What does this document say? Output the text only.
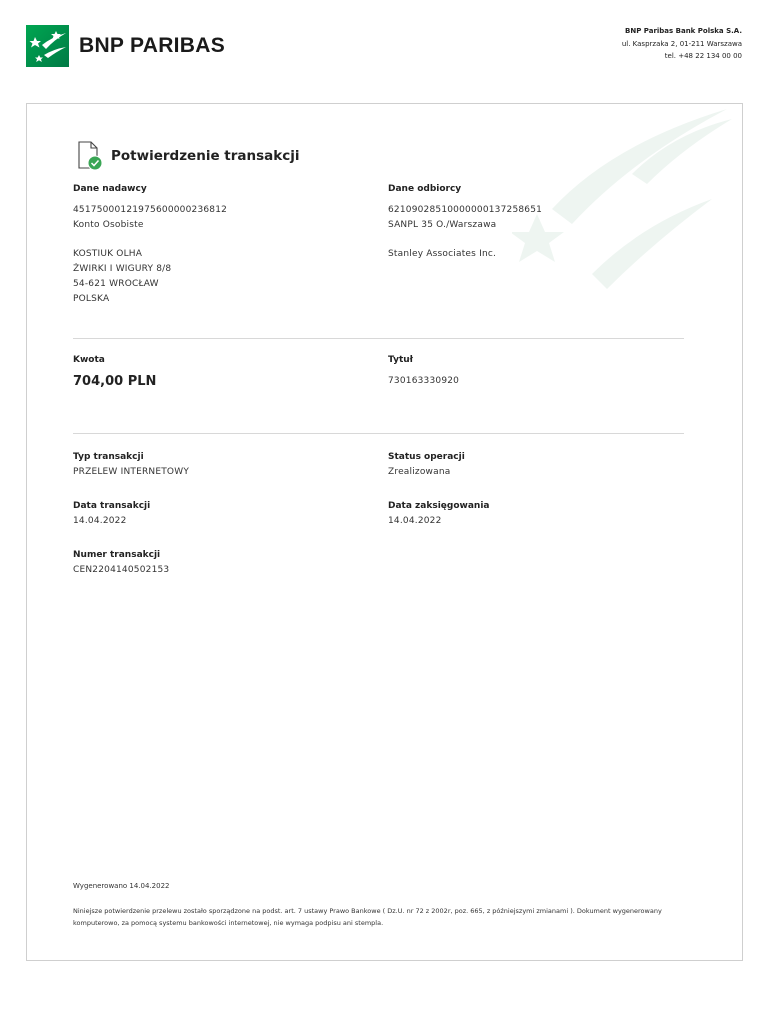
BNP PARIBAS
BNP Paribas Bank Polska S.A.
ul. Kasprzaka 2, 01-211 Warszawa
tel. +48 22 134 00 00
Potwierdzenie transakcji
Dane nadawcy
45175000121975600000236812
Konto Osobiste
KOSTIUK OLHA
ŻWIRKI I WIGURY 8/8
54-621 WROCŁAW
POLSKA
Dane odbiorcy
62109028510000000137258651
SANPL 35 O./Warszawa
Stanley Associates Inc.
Kwota
704,00 PLN
Tytuł
730163330920
Typ transakcji
PRZELEW INTERNETOWY
Status operacji
Zrealizowana
Data transakcji
14.04.2022
Data zaksięgowania
14.04.2022
Numer transakcji
CEN2204140502153
Wygenerowano 14.04.2022
Niniejsze potwierdzenie przelewu zostało sporządzone na podst. art. 7 ustawy Prawo Bankowe ( Dz.U. nr 72 z 2002r, poz. 665, z późniejszymi zmianami ). Dokument wygenerowany komputerowo, za pomocą systemu bankowości internetowej, nie wymaga podpisu ani stempla.
